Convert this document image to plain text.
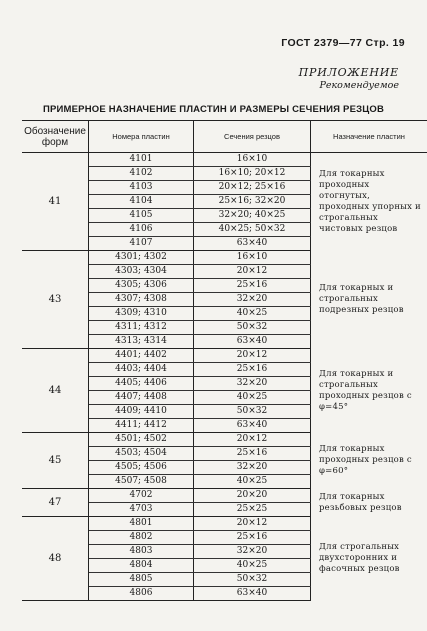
ГОСТ 2379—77 Стр. 19
ПРИЛОЖЕНИЕ
Рекомендуемое
ПРИМЕРНОЕ НАЗНАЧЕНИЕ ПЛАСТИН И РАЗМЕРЫ СЕЧЕНИЯ РЕЗЦОВ
Обозначение форм	Номера пластин	Сечения резцов	Назначение пластин
41	4101	16×10	Для токарных проходных отогнутых, проходных упорных и строгальных чистовых резцов
	4102	16×10; 20×12	
	4103	20×12; 25×16	
	4104	25×16; 32×20	
	4105	32×20; 40×25	
	4106	40×25; 50×32	
	4107	63×40	
43	4301; 4302	16×10	Для токарных и строгальных подрезных резцов
	4303; 4304	20×12	
	4305; 4306	25×16	
	4307; 4308	32×20	
	4309; 4310	40×25	
	4311; 4312	50×32	
	4313; 4314	63×40	
44	4401; 4402	20×12	Для токарных и строгальных проходных резцов с φ=45°
	4403; 4404	25×16	
	4405; 4406	32×20	
	4407; 4408	40×25	
	4409; 4410	50×32	
	4411; 4412	63×40	
45	4501; 4502	20×12	Для токарных проходных резцов с φ=60°
	4503; 4504	25×16	
	4505; 4506	32×20	
	4507; 4508	40×25	
47	4702	20×20	Для токарных резьбовых резцов
	4703	25×25	
48	4801	20×12	Для строгальных двухсторонних и фасочных резцов
	4802	25×16	
	4803	32×20	
	4804	40×25	
	4805	50×32	
	4806	63×40	
